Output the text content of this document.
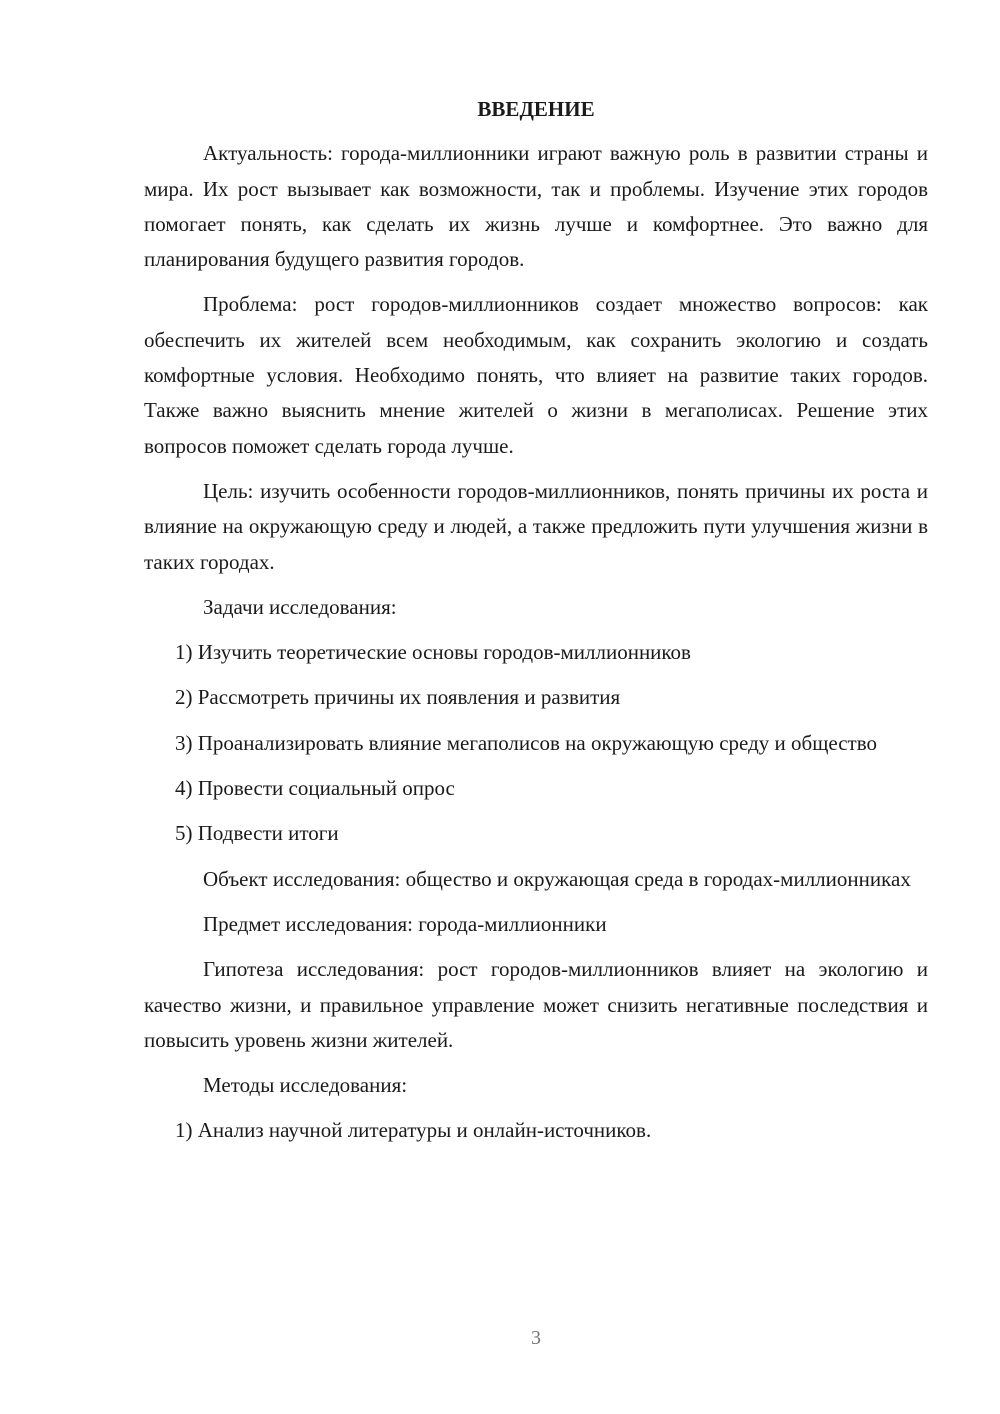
ВВЕДЕНИЕ

Актуальность: города-миллионники играют важную роль в развитии страны и мира. Их рост вызывает как возможности, так и проблемы. Изучение этих городов помогает понять, как сделать их жизнь лучше и комфортнее. Это важно для планирования будущего развития городов.

Проблема: рост городов-миллионников создает множество вопросов: как обеспечить их жителей всем необходимым, как сохранить экологию и создать комфортные условия. Необходимо понять, что влияет на развитие таких городов. Также важно выяснить мнение жителей о жизни в мегаполисах. Решение этих вопросов поможет сделать города лучше.

Цель: изучить особенности городов-миллионников, понять причины их роста и влияние на окружающую среду и людей, а также предложить пути улучшения жизни в таких городах.

Задачи исследования:

1) Изучить теоретические основы городов-миллионников

2) Рассмотреть причины их появления и развития

3) Проанализировать влияние мегаполисов на окружающую среду и общество

4) Провести социальный опрос

5) Подвести итоги

Объект исследования: общество и окружающая среда в городах-миллионниках

Предмет исследования: города-миллионники

Гипотеза исследования: рост городов-миллионников влияет на экологию и качество жизни, и правильное управление может снизить негативные последствия и повысить уровень жизни жителей.

Методы исследования:

1) Анализ научной литературы и онлайн-источников.

3
